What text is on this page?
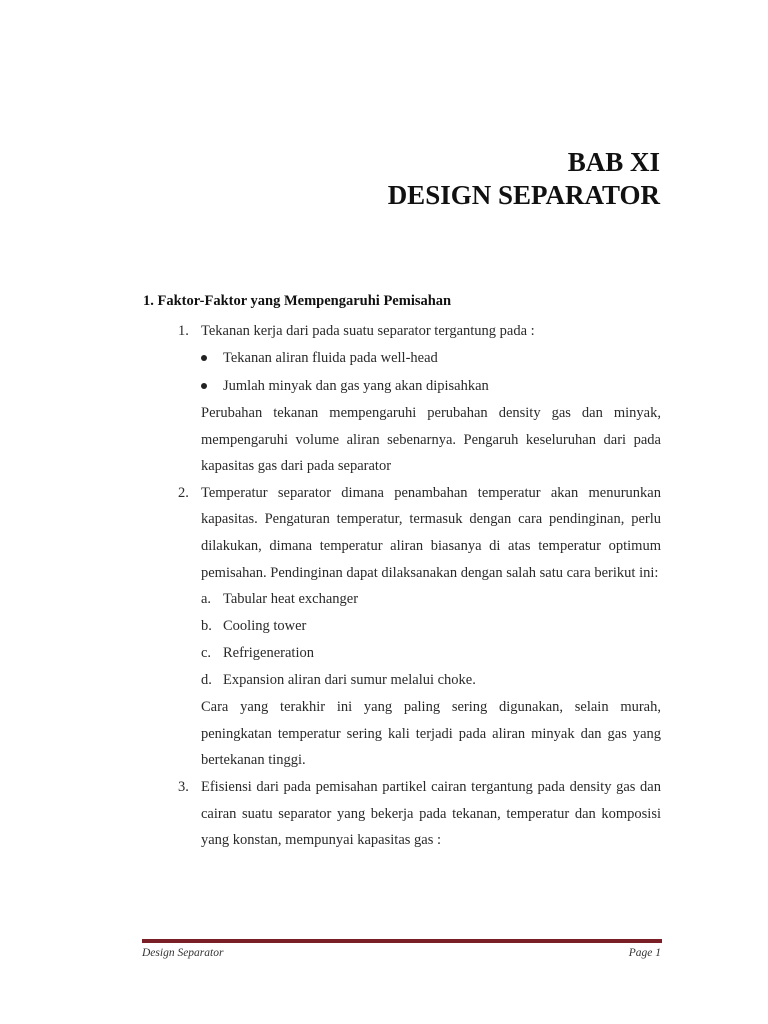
BAB XI
DESIGN SEPARATOR
1. Faktor-Faktor yang Mempengaruhi Pemisahan
1. Tekanan kerja dari pada suatu separator tergantung pada :
Tekanan aliran fluida pada well-head
Jumlah minyak dan gas yang akan dipisahkan
Perubahan tekanan mempengaruhi perubahan density gas dan minyak, mempengaruhi volume aliran sebenarnya. Pengaruh keseluruhan dari pada kapasitas gas dari pada separator
2. Temperatur separator dimana penambahan temperatur akan menurunkan kapasitas. Pengaturan temperatur, termasuk dengan cara pendinginan, perlu dilakukan, dimana temperatur aliran biasanya di atas temperatur optimum pemisahan. Pendinginan dapat dilaksanakan dengan salah satu cara berikut ini:
a. Tabular heat exchanger
b. Cooling tower
c. Refrigeneration
d. Expansion aliran dari sumur melalui choke.
Cara yang terakhir ini yang paling sering digunakan, selain murah, peningkatan temperatur sering kali terjadi pada aliran minyak dan gas yang bertekanan tinggi.
3. Efisiensi dari pada pemisahan partikel cairan tergantung pada density gas dan cairan suatu separator yang bekerja pada tekanan, temperatur dan komposisi yang konstan, mempunyai kapasitas gas :
Design Separator	Page 1
